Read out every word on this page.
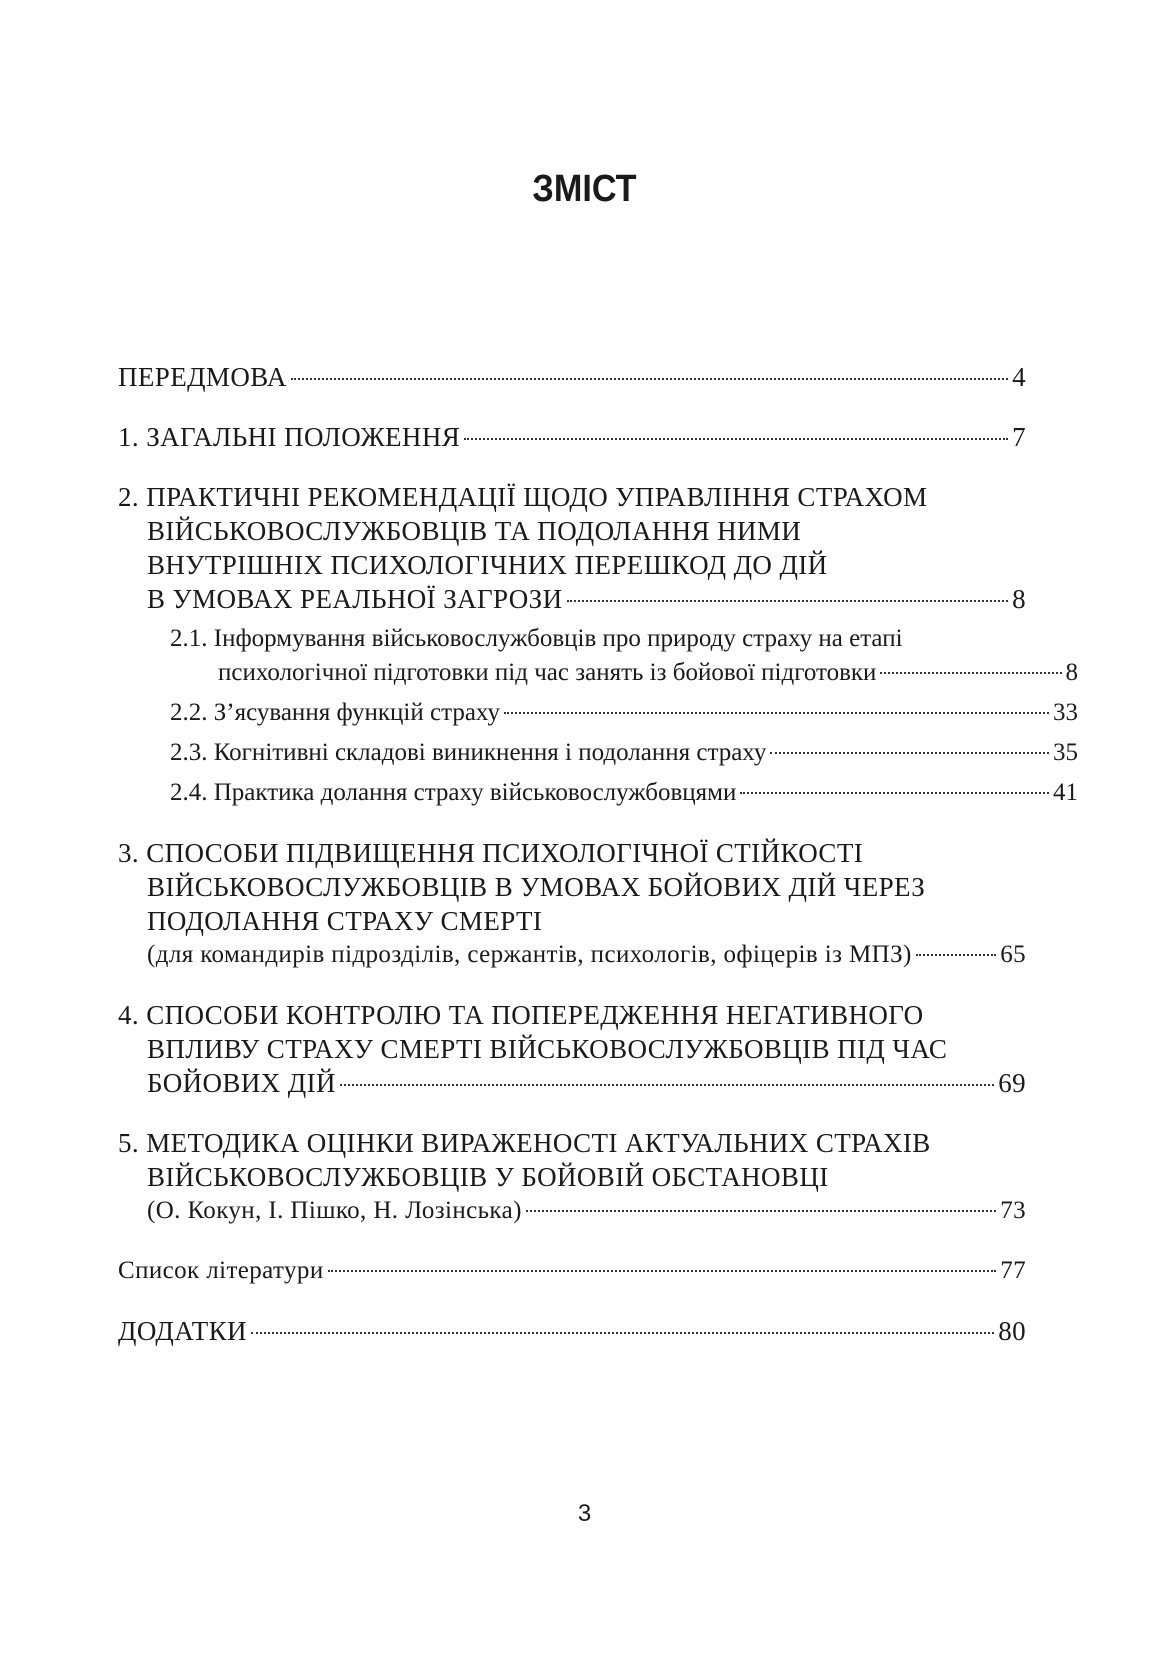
ЗМІСТ
ПЕРЕДМОВА	4
1. ЗАГАЛЬНІ ПОЛОЖЕННЯ	7
2. ПРАКТИЧНІ РЕКОМЕНДАЦІЇ ЩОДО УПРАВЛІННЯ СТРАХОМ
ВІЙСЬКОВОСЛУЖБОВЦІВ ТА ПОДОЛАННЯ НИМИ
ВНУТРІШНІХ ПСИХОЛОГІЧНИХ ПЕРЕШКОД ДО ДІЙ
В УМОВАХ РЕАЛЬНОЇ ЗАГРОЗИ	8
2.1. Інформування військовослужбовців про природу страху на етапі
психологічної підготовки під час занять із бойової підготовки	8
2.2. З’ясування функцій страху	33
2.3. Когнітивні складові виникнення і подолання страху	35
2.4. Практика долання страху військовослужбовцями	41
3. СПОСОБИ ПІДВИЩЕННЯ ПСИХОЛОГІЧНОЇ СТІЙКОСТІ
ВІЙСЬКОВОСЛУЖБОВЦІВ В УМОВАХ БОЙОВИХ ДІЙ ЧЕРЕЗ
ПОДОЛАННЯ СТРАХУ СМЕРТІ
(для командирів підрозділів, сержантів, психологів, офіцерів із МПЗ)	65
4. СПОСОБИ КОНТРОЛЮ ТА ПОПЕРЕДЖЕННЯ НЕГАТИВНОГО
ВПЛИВУ СТРАХУ СМЕРТІ ВІЙСЬКОВОСЛУЖБОВЦІВ ПІД ЧАС
БОЙОВИХ ДІЙ	69
5. МЕТОДИКА ОЦІНКИ ВИРАЖЕНОСТІ АКТУАЛЬНИХ СТРАХІВ
ВІЙСЬКОВОСЛУЖБОВЦІВ У БОЙОВІЙ ОБСТАНОВЦІ
(О. Кокун, І. Пішко, Н. Лозінська)	73
Список літератури	77
ДОДАТКИ	80
3
